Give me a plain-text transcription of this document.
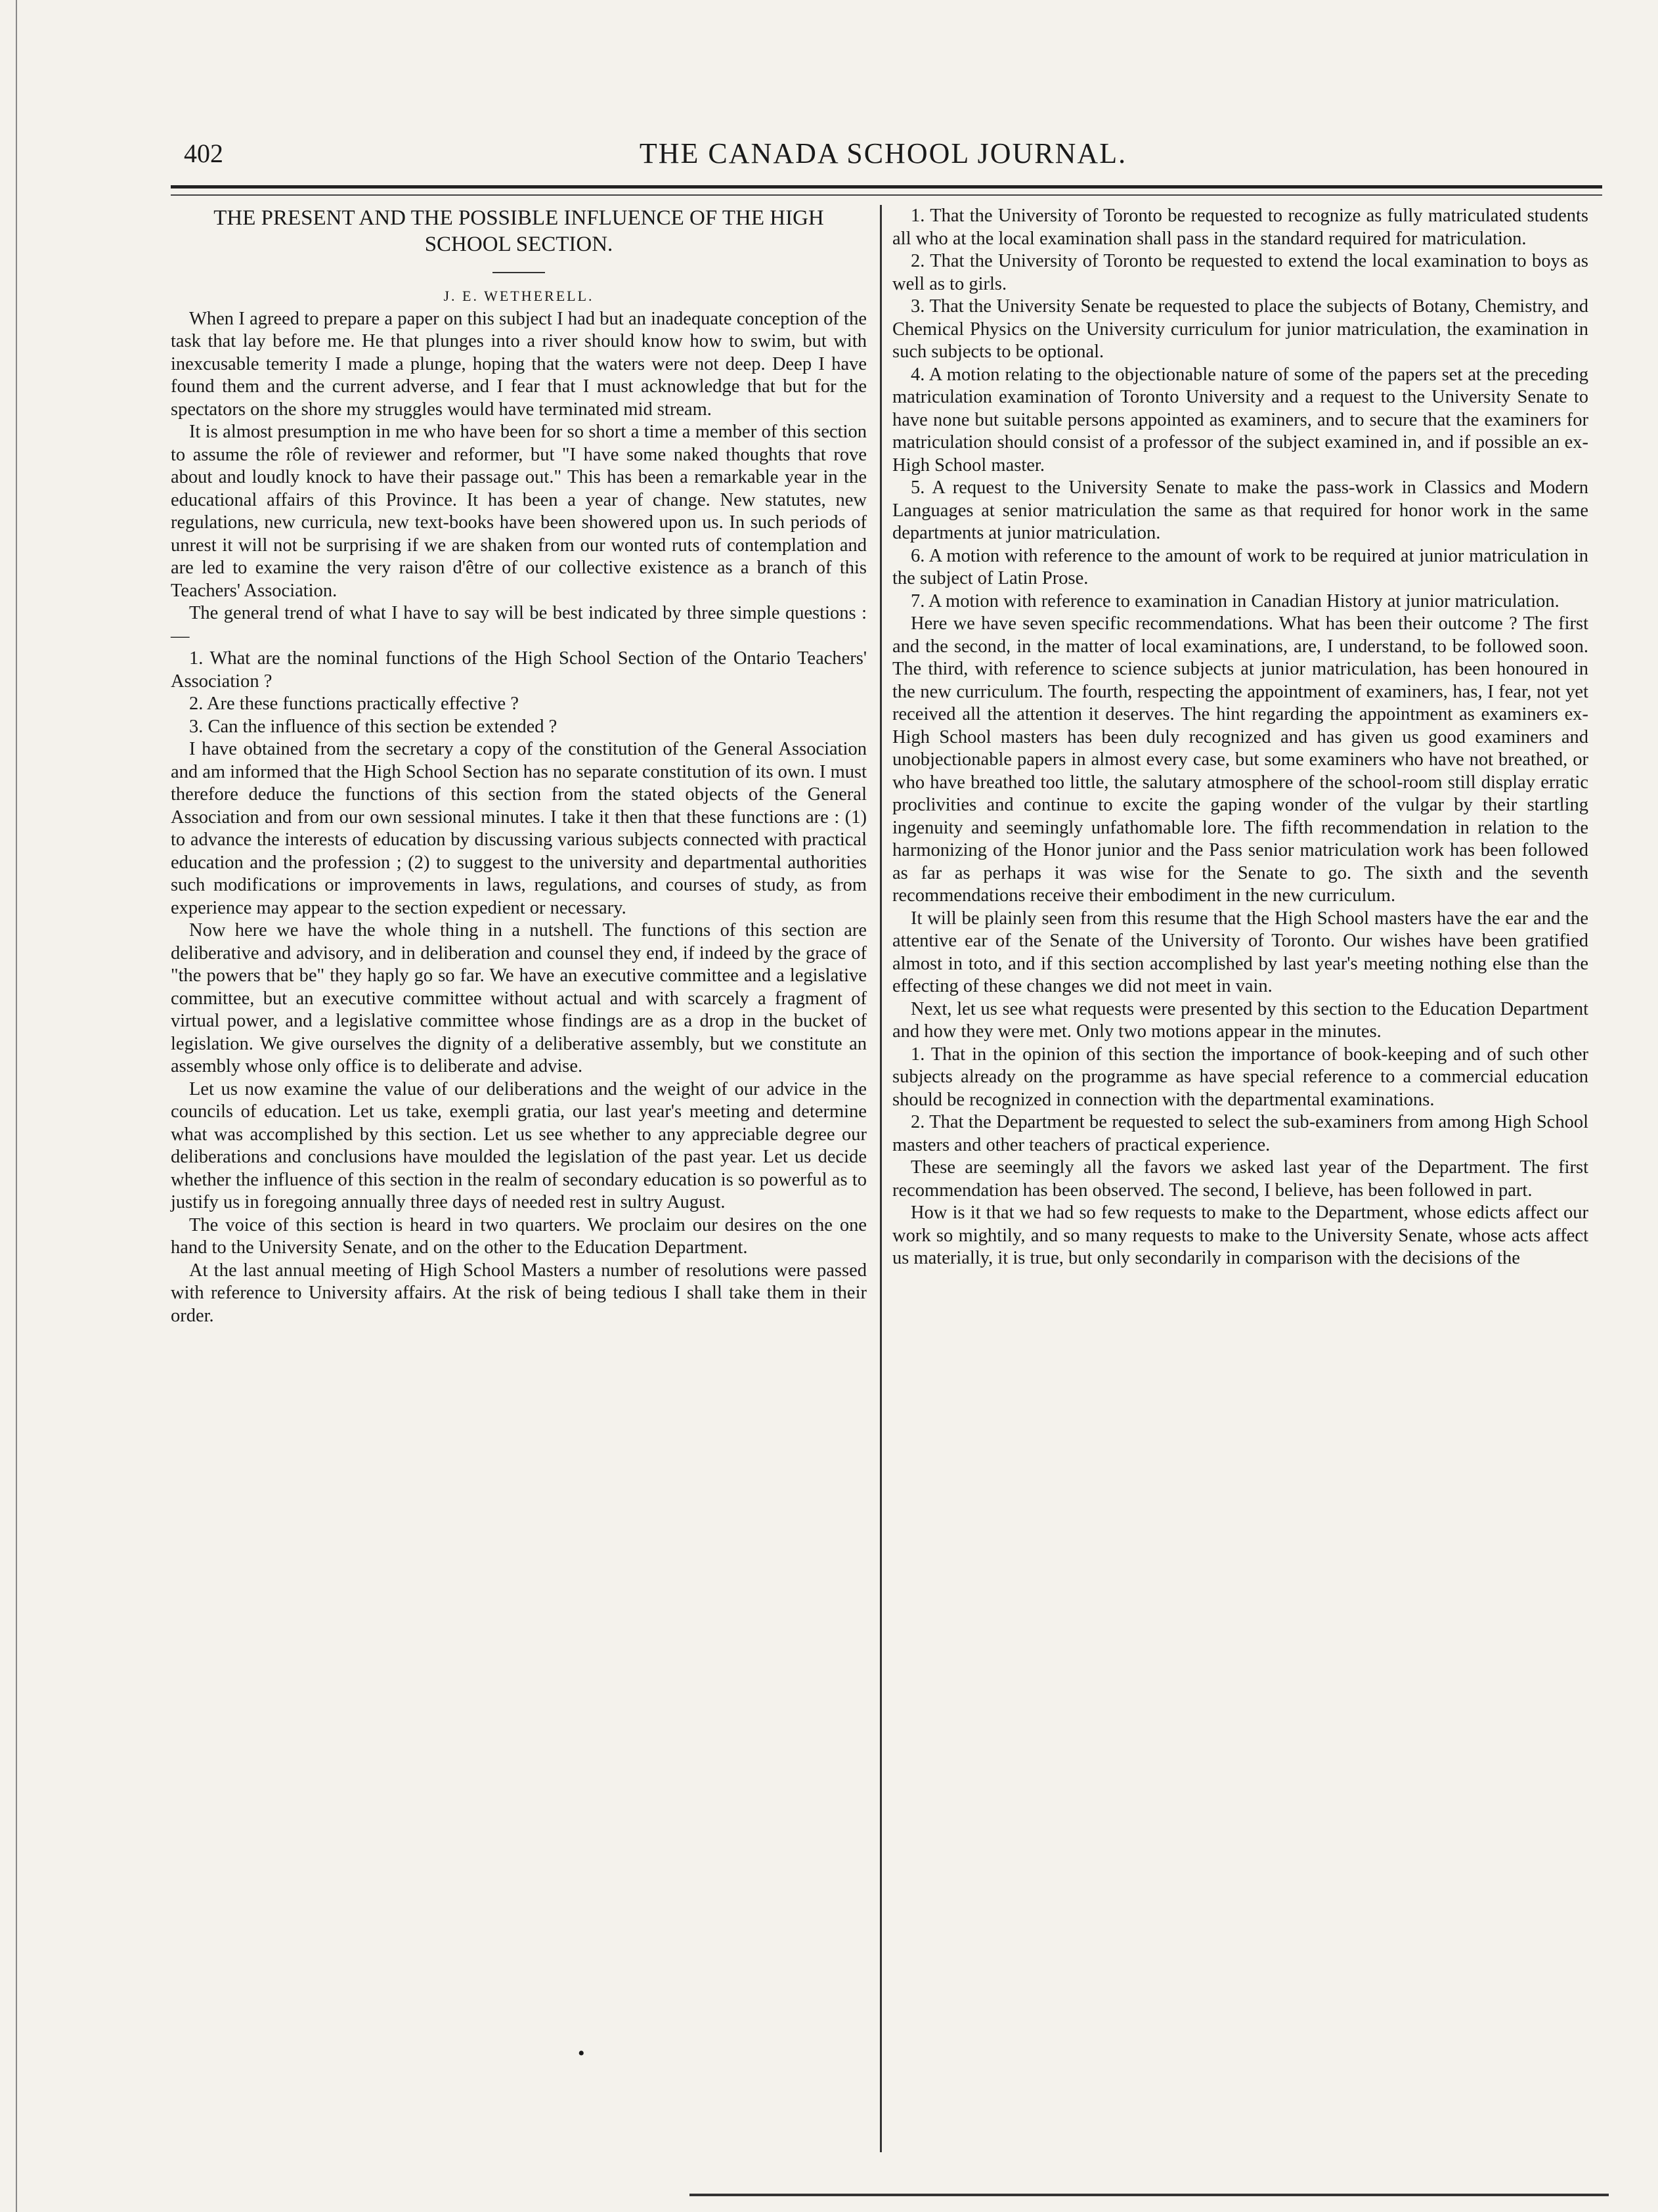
402	THE CANADA SCHOOL JOURNAL.

THE PRESENT AND THE POSSIBLE INFLUENCE OF THE HIGH SCHOOL SECTION.

J. E. WETHERELL.

When I agreed to prepare a paper on this subject I had but an inadequate conception of the task that lay before me. He that plunges into a river should know how to swim, but with inexcusable temerity I made a plunge, hoping that the waters were not deep. Deep I have found them and the current adverse, and I fear that I must acknowledge that but for the spectators on the shore my struggles would have terminated mid stream.

It is almost presumption in me who have been for so short a time a member of this section to assume the rôle of reviewer and reformer, but "I have some naked thoughts that rove about and loudly knock to have their passage out." This has been a remarkable year in the educational affairs of this Province. It has been a year of change. New statutes, new regulations, new curricula, new text-books have been showered upon us. In such periods of unrest it will not be surprising if we are shaken from our wonted ruts of contemplation and are led to examine the very raison d'être of our collective existence as a branch of this Teachers' Association.

The general trend of what I have to say will be best indicated by three simple questions :—

1. What are the nominal functions of the High School Section of the Ontario Teachers' Association ?

2. Are these functions practically effective ?

3. Can the influence of this section be extended ?

I have obtained from the secretary a copy of the constitution of the General Association and am informed that the High School Section has no separate constitution of its own. I must therefore deduce the functions of this section from the stated objects of the General Association and from our own sessional minutes. I take it then that these functions are : (1) to advance the interests of education by discussing various subjects connected with practical education and the profession ; (2) to suggest to the university and departmental authorities such modifications or improvements in laws, regulations, and courses of study, as from experience may appear to the section expedient or necessary.

Now here we have the whole thing in a nutshell. The functions of this section are deliberative and advisory, and in deliberation and counsel they end, if indeed by the grace of "the powers that be" they haply go so far. We have an executive committee and a legislative committee, but an executive committee without actual and with scarcely a fragment of virtual power, and a legislative committee whose findings are as a drop in the bucket of legislation. We give ourselves the dignity of a deliberative assembly, but we constitute an assembly whose only office is to deliberate and advise.

Let us now examine the value of our deliberations and the weight of our advice in the councils of education. Let us take, exempli gratia, our last year's meeting and determine what was accomplished by this section. Let us see whether to any appreciable degree our deliberations and conclusions have moulded the legislation of the past year. Let us decide whether the influence of this section in the realm of secondary education is so powerful as to justify us in foregoing annually three days of needed rest in sultry August.

The voice of this section is heard in two quarters. We proclaim our desires on the one hand to the University Senate, and on the other to the Education Department.

At the last annual meeting of High School Masters a number of resolutions were passed with reference to University affairs. At the risk of being tedious I shall take them in their order.

1. That the University of Toronto be requested to recognize as fully matriculated students all who at the local examination shall pass in the standard required for matriculation.

2. That the University of Toronto be requested to extend the local examination to boys as well as to girls.

3. That the University Senate be requested to place the subjects of Botany, Chemistry, and Chemical Physics on the University curriculum for junior matriculation, the examination in such subjects to be optional.

4. A motion relating to the objectionable nature of some of the papers set at the preceding matriculation examination of Toronto University and a request to the University Senate to have none but suitable persons appointed as examiners, and to secure that the examiners for matriculation should consist of a professor of the subject examined in, and if possible an ex-High School master.

5. A request to the University Senate to make the pass-work in Classics and Modern Languages at senior matriculation the same as that required for honor work in the same departments at junior matriculation.

6. A motion with reference to the amount of work to be required at junior matriculation in the subject of Latin Prose.

7. A motion with reference to examination in Canadian History at junior matriculation.

Here we have seven specific recommendations. What has been their outcome ? The first and the second, in the matter of local examinations, are, I understand, to be followed soon. The third, with reference to science subjects at junior matriculation, has been honoured in the new curriculum. The fourth, respecting the appointment of examiners, has, I fear, not yet received all the attention it deserves. The hint regarding the appointment as examiners ex-High School masters has been duly recognized and has given us good examiners and unobjectionable papers in almost every case, but some examiners who have not breathed, or who have breathed too little, the salutary atmosphere of the school-room still display erratic proclivities and continue to excite the gaping wonder of the vulgar by their startling ingenuity and seemingly unfathomable lore. The fifth recommendation in relation to the harmonizing of the Honor junior and the Pass senior matriculation work has been followed as far as perhaps it was wise for the Senate to go. The sixth and the seventh recommendations receive their embodiment in the new curriculum.

It will be plainly seen from this resume that the High School masters have the ear and the attentive ear of the Senate of the University of Toronto. Our wishes have been gratified almost in toto, and if this section accomplished by last year's meeting nothing else than the effecting of these changes we did not meet in vain.

Next, let us see what requests were presented by this section to the Education Department and how they were met. Only two motions appear in the minutes.

1. That in the opinion of this section the importance of book-keeping and of such other subjects already on the programme as have special reference to a commercial education should be recognized in connection with the departmental examinations.

2. That the Department be requested to select the sub-examiners from among High School masters and other teachers of practical experience.

These are seemingly all the favors we asked last year of the Department. The first recommendation has been observed. The second, I believe, has been followed in part.

How is it that we had so few requests to make to the Department, whose edicts affect our work so mightily, and so many requests to make to the University Senate, whose acts affect us materially, it is true, but only secondarily in comparison with the decisions of the

•
